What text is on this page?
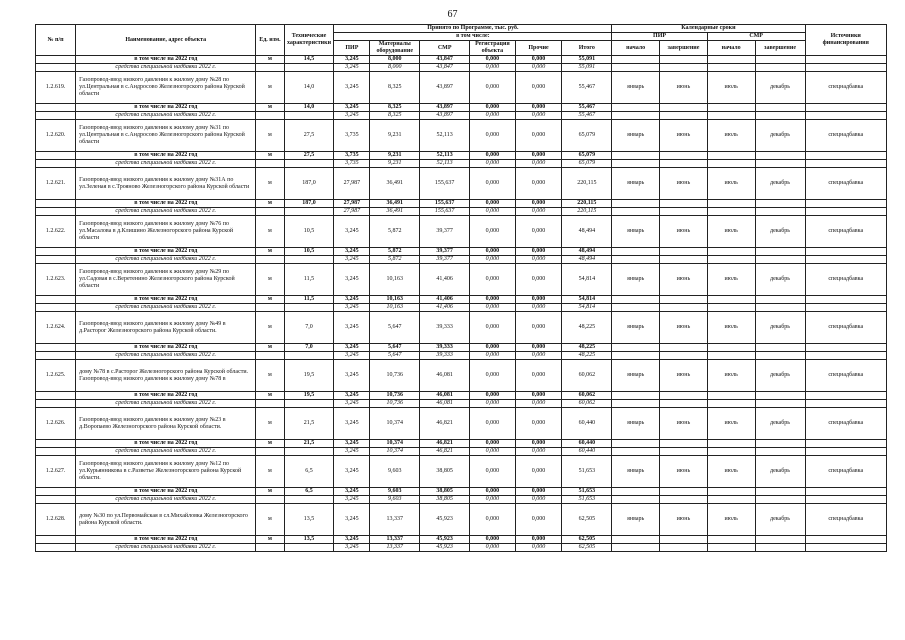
67
№ п/п	Наименование, адрес объекта	Ед. изм.	Технические характеристики	Принято по Программе, тыс. руб.						Календарные сроки				Источники финансирования
				в том числе:						ПИР		СМР		
				ПИР	Материалы оборудование	СМР	Регистрация объекта	Прочие	Итого	начало	завершение	начало	завершение	
	в том числе на 2022 год	м	14,5	3,245	8,000	43,847	0,000	0,000	55,091					
	средства специальной надбавки 2022 г.			3,245	8,000	43,847	0,000	0,000	55,091					
1.2.619.	Газопровод-ввод низкого давления к жилому дому №28 по ул.Центральная в с.Андросово Железногорского района Курской области	м	14,0	3,245	8,325	43,897	0,000	0,000	55,467	январь	июнь	июль	декабрь	спецнадбавка
	в том числе на 2022 год	м	14,0	3,245	8,325	43,897	0,000	0,000	55,467					
	средства специальной надбавки 2022 г.			3,245	8,325	43,897	0,000	0,000	55,467					
1.2.620.	Газопровод-ввод низкого давления к жилому дому №31 по ул.Центральная в с.Андросово Железногорского района Курской области	м	27,5	3,735	9,231	52,113	0,000	0,000	65,079	январь	июнь	июль	декабрь	спецнадбавка
	в том числе на 2022 год	м	27,5	3,735	9,231	52,113	0,000	0,000	65,079					
	средства специальной надбавки 2022 г.			3,735	9,231	52,113	0,000	0,000	65,079					
1.2.621.	Газопровод-ввод низкого давления к жилому дому №31А по ул.Зеленая в с.Трояново Железногорского района Курской области	м	187,0	27,987	36,491	155,637	0,000	0,000	220,115	январь	июнь	июль	декабрь	спецнадбавка
	в том числе на 2022 год	м	187,0	27,987	36,491	155,637	0,000	0,000	220,115					
	средства специальной надбавки 2022 г.			27,987	36,491	155,637	0,000	0,000	220,115					
1.2.622.	Газопровод-ввод низкого давления к жилому дому №76 по ул.Масалова в д.Клишино Железногорского района Курской области	м	10,5	3,245	5,872	39,377	0,000	0,000	48,494	январь	июнь	июль	декабрь	спецнадбавка
	в том числе на 2022 год	м	10,5	3,245	5,872	39,377	0,000	0,000	48,494					
	средства специальной надбавки 2022 г.			3,245	5,872	39,377	0,000	0,000	48,494					
1.2.623.	Газопровод-ввод низкого давления к жилому дому №29 по ул.Садовая в с.Веретенино Железногорского района Курской области	м	11,5	3,245	10,163	41,406	0,000	0,000	54,814	январь	июнь	июль	декабрь	спецнадбавка
	в том числе на 2022 год	м	11,5	3,245	10,163	41,406	0,000	0,000	54,814					
	средства специальной надбавки 2022 г.			3,245	10,163	41,406	0,000	0,000	54,814					
1.2.624.	Газопровод-ввод низкого давления к жилому дому №49 в д.Расторог Железногорского района Курской области.	м	7,0	3,245	5,647	39,333	0,000	0,000	48,225	январь	июнь	июль	декабрь	спецнадбавка
	в том числе на 2022 год	м	7,0	3,245	5,647	39,333	0,000	0,000	48,225					
	средства специальной надбавки 2022 г.			3,245	5,647	39,333	0,000	0,000	48,225					
1.2.625.	дому №78 в с.Расторог Железногорского района Курской области. Газопровод-ввод низкого давления к жилому дому №78 в	м	19,5	3,245	10,736	46,081	0,000	0,000	60,062	январь	июнь	июль	декабрь	спецнадбавка
	в том числе на 2022 год	м	19,5	3,245	10,736	46,081	0,000	0,000	60,062					
	средства специальной надбавки 2022 г.			3,245	10,736	46,081	0,000	0,000	60,062					
1.2.626.	Газопровод-ввод низкого давления к жилому дому №23 в д.Воропаево Железногорского района Курской области.	м	21,5	3,245	10,374	46,821	0,000	0,000	60,440	январь	июнь	июль	декабрь	спецнадбавка
	в том числе на 2022 год	м	21,5	3,245	10,374	46,821	0,000	0,000	60,440					
	средства специальной надбавки 2022 г.			3,245	10,374	46,821	0,000	0,000	60,440					
1.2.627.	Газопровод-ввод низкого давления к жилому дому №12 по ул.Курьянникова в с.Разветье Железногорского района Курской области.	м	6,5	3,245	9,603	38,805	0,000	0,000	51,653	январь	июнь	июль	декабрь	спецнадбавка
	в том числе на 2022 год	м	6,5	3,245	9,603	38,805	0,000	0,000	51,653					
	средства специальной надбавки 2022 г.			3,245	9,603	38,805	0,000	0,000	51,653					
1.2.628.	дому №30 по ул.Первомайская в сл.Михайловка Железногорского района Курской области.	м	13,5	3,245	13,337	45,923	0,000	0,000	62,505	январь	июнь	июль	декабрь	спецнадбавка
	в том числе на 2022 год	м	13,5	3,245	13,337	45,923	0,000	0,000	62,505					
	средства специальной надбавки 2022 г.			3,245	13,337	45,923	0,000	0,000	62,505					
